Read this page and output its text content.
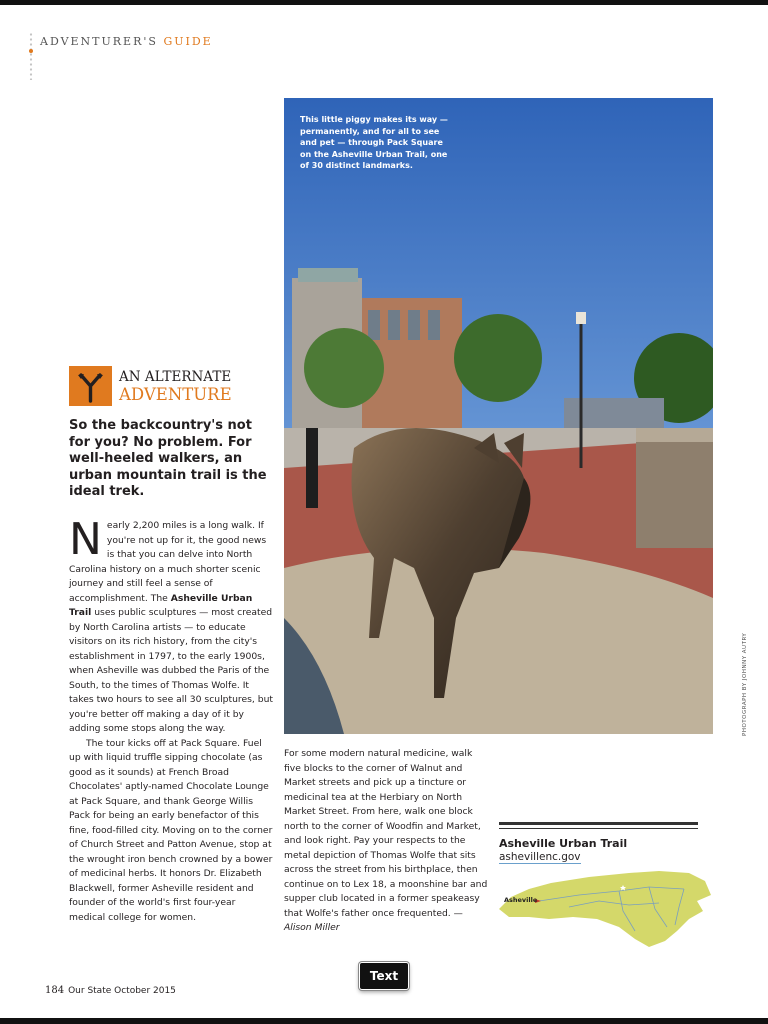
ADVENTURER'S GUIDE
This little piggy makes its way — permanently, and for all to see and pet — through Pack Square on the Asheville Urban Trail, one of 30 distinct landmarks.
PHOTOGRAPH BY JOHNNY AUTRY
AN ALTERNATE
ADVENTURE
So the backcountry's not for you? No problem. For well-heeled walkers, an urban mountain trail is the ideal trek.

Nearly 2,200 miles is a long walk. If you're not up for it, the good news is that you can delve into North Carolina history on a much shorter scenic journey and still feel a sense of accomplishment. The Asheville Urban Trail uses public sculptures — most created by North Carolina artists — to educate visitors on its rich history, from the city's establishment in 1797, to the early 1900s, when Asheville was dubbed the Paris of the South, to the times of Thomas Wolfe. It takes two hours to see all 30 sculptures, but you're better off making a day of it by adding some stops along the way.

The tour kicks off at Pack Square. Fuel up with liquid truffle sipping chocolate (as good as it sounds) at French Broad Chocolates' aptly-named Chocolate Lounge at Pack Square, and thank George Willis Pack for being an early benefactor of this fine, food-filled city. Moving on to the corner of Church Street and Patton Avenue, stop at the wrought iron bench crowned by a bower of medicinal herbs. It honors Dr. Elizabeth Blackwell, former Asheville resident and founder of the world's first four-year medical college for women.

For some modern natural medicine, walk five blocks to the corner of Walnut and Market streets and pick up a tincture or medicinal tea at the Herbiary on North Market Street. From here, walk one block north to the corner of Woodfin and Market, and look right. Pay your respects to the metal depiction of Thomas Wolfe that sits across the street from his birthplace, then continue on to Lex 18, a moonshine bar and supper club located in a former speakeasy that Wolfe's father once frequented. — Alison Miller

Asheville Urban Trail
ashevillenc.gov
Asheville
184 Our State October 2015
Text
